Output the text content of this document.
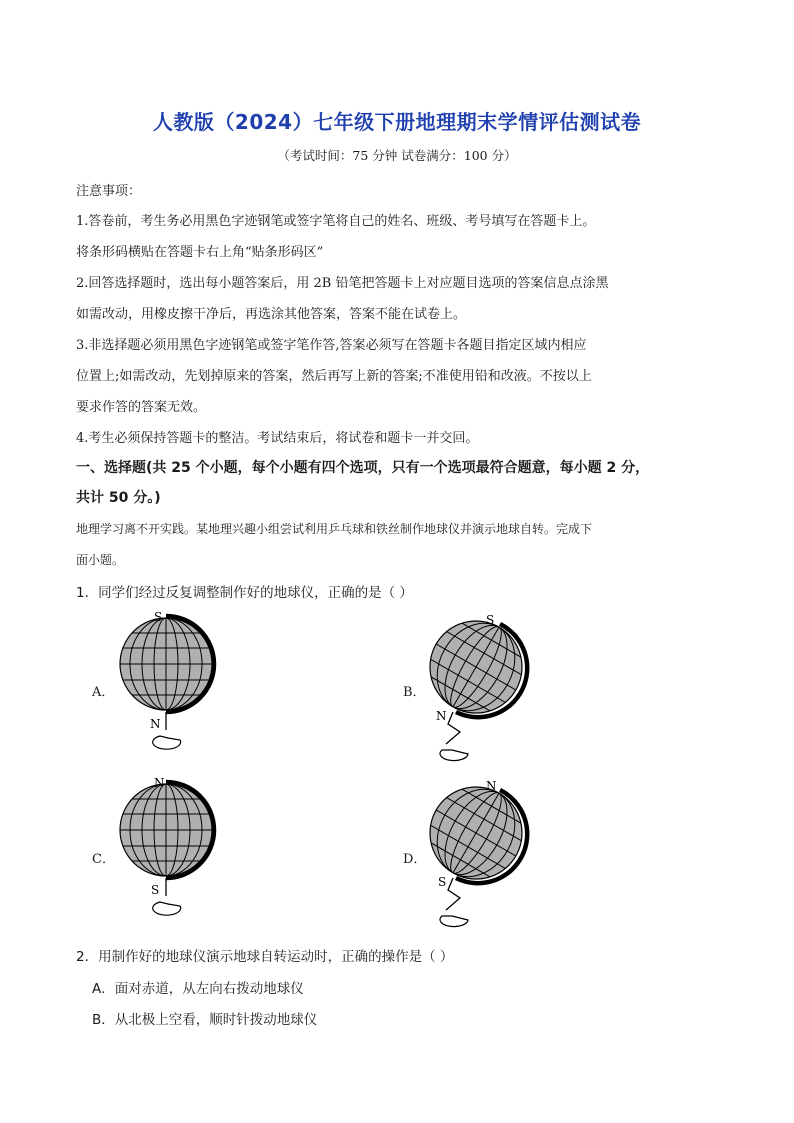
人教版（2024）七年级下册地理期末学情评估测试卷
（考试时间：75 分钟 试卷满分：100 分）
注意事项：
1.答卷前，考生务必用黑色字迹钢笔或签字笔将自己的姓名、班级、考号填写在答题卡上。
将条形码横贴在答题卡右上角“贴条形码区”
2.回答选择题时，选出每小题答案后，用 2B 铅笔把答题卡上对应题目选项的答案信息点涂黑
如需改动，用橡皮擦干净后，再选涂其他答案，答案不能在试卷上。
3.非选择题必须用黑色字迹钢笔或签字笔作答,答案必须写在答题卡各题目指定区域内相应
位置上;如需改动，先划掉原来的答案，然后再写上新的答案;不准使用铅和改液。不按以上
要求作答的答案无效。
4.考生必须保持答题卡的整洁。考试结束后，将试卷和题卡一并交回。
一、选择题(共 25 个小题，每个小题有四个选项，只有一个选项最符合题意，每小题 2 分，
共计 50 分。)
地理学习离不开实践。某地理兴趣小组尝试利用乒乓球和铁丝制作地球仪并演示地球自转。完成下
面小题。
1．同学们经过反复调整制作好的地球仪，正确的是（ ）
A．	B．
C．	D．
S
N
S
N
N
S
N
S
2．用制作好的地球仪演示地球自转运动时，正确的操作是（ ）
A．面对赤道，从左向右拨动地球仪
B．从北极上空看，顺时针拨动地球仪
